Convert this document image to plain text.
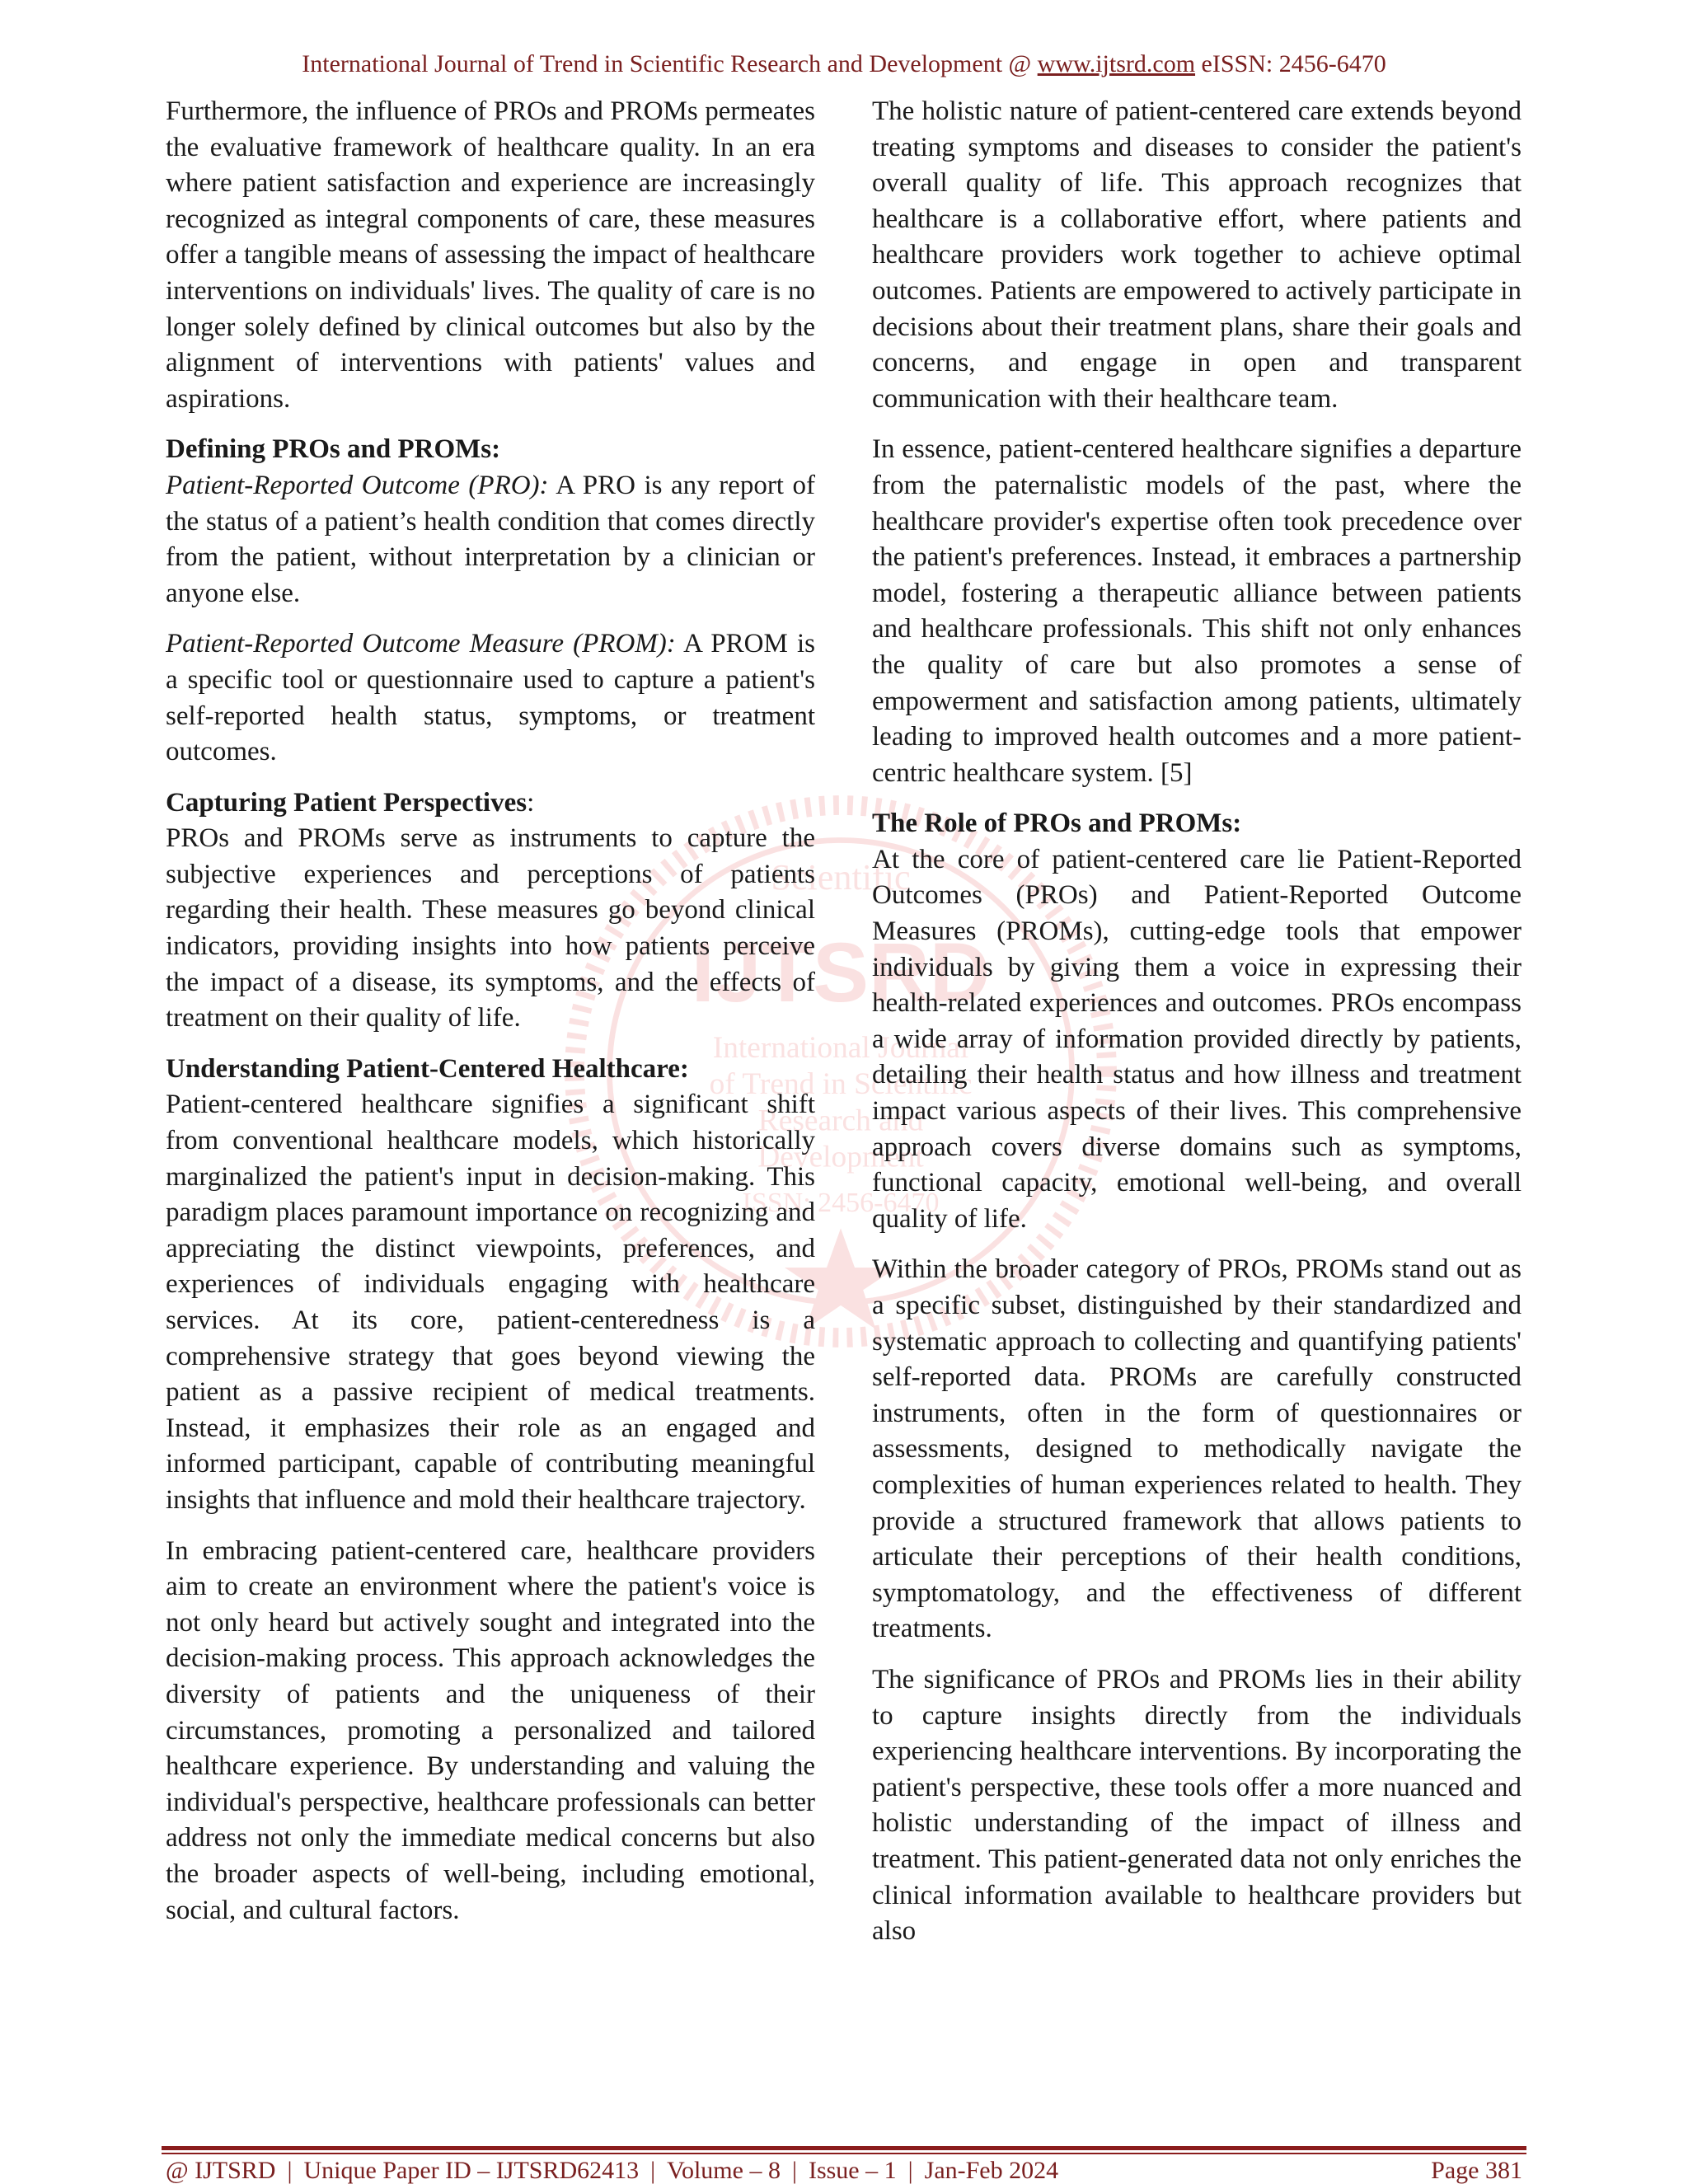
International Journal of Trend in Scientific Research and Development @ www.ijtsrd.com eISSN: 2456-6470
Scientific
IJTSRD
International Journal
of Trend in Scientific
Research and
Development
ISSN: 2456-6470

Furthermore, the influence of PROs and PROMs permeates the evaluative framework of healthcare quality. In an era where patient satisfaction and experience are increasingly recognized as integral components of care, these measures offer a tangible means of assessing the impact of healthcare interventions on individuals' lives. The quality of care is no longer solely defined by clinical outcomes but also by the alignment of interventions with patients' values and aspirations.

Defining PROs and PROMs:

Patient-Reported Outcome (PRO): A PRO is any report of the status of a patient’s health condition that comes directly from the patient, without interpretation by a clinician or anyone else.

Patient-Reported Outcome Measure (PROM): A PROM is a specific tool or questionnaire used to capture a patient's self-reported health status, symptoms, or treatment outcomes.

Capturing Patient Perspectives:

PROs and PROMs serve as instruments to capture the subjective experiences and perceptions of patients regarding their health. These measures go beyond clinical indicators, providing insights into how patients perceive the impact of a disease, its symptoms, and the effects of treatment on their quality of life.

Understanding Patient-Centered Healthcare:

Patient-centered healthcare signifies a significant shift from conventional healthcare models, which historically marginalized the patient's input in decision-making. This paradigm places paramount importance on recognizing and appreciating the distinct viewpoints, preferences, and experiences of individuals engaging with healthcare services. At its core, patient-centeredness is a comprehensive strategy that goes beyond viewing the patient as a passive recipient of medical treatments. Instead, it emphasizes their role as an engaged and informed participant, capable of contributing meaningful insights that influence and mold their healthcare trajectory.

In embracing patient-centered care, healthcare providers aim to create an environment where the patient's voice is not only heard but actively sought and integrated into the decision-making process. This approach acknowledges the diversity of patients and the uniqueness of their circumstances, promoting a personalized and tailored healthcare experience. By understanding and valuing the individual's perspective, healthcare professionals can better address not only the immediate medical concerns but also the broader aspects of well-being, including emotional, social, and cultural factors.

The holistic nature of patient-centered care extends beyond treating symptoms and diseases to consider the patient's overall quality of life. This approach recognizes that healthcare is a collaborative effort, where patients and healthcare providers work together to achieve optimal outcomes. Patients are empowered to actively participate in decisions about their treatment plans, share their goals and concerns, and engage in open and transparent communication with their healthcare team.

In essence, patient-centered healthcare signifies a departure from the paternalistic models of the past, where the healthcare provider's expertise often took precedence over the patient's preferences. Instead, it embraces a partnership model, fostering a therapeutic alliance between patients and healthcare professionals. This shift not only enhances the quality of care but also promotes a sense of empowerment and satisfaction among patients, ultimately leading to improved health outcomes and a more patient-centric healthcare system. [5]

The Role of PROs and PROMs:

At the core of patient-centered care lie Patient-Reported Outcomes (PROs) and Patient-Reported Outcome Measures (PROMs), cutting-edge tools that empower individuals by giving them a voice in expressing their health-related experiences and outcomes. PROs encompass a wide array of information provided directly by patients, detailing their health status and how illness and treatment impact various aspects of their lives. This comprehensive approach covers diverse domains such as symptoms, functional capacity, emotional well-being, and overall quality of life.

Within the broader category of PROs, PROMs stand out as a specific subset, distinguished by their standardized and systematic approach to collecting and quantifying patients' self-reported data. PROMs are carefully constructed instruments, often in the form of questionnaires or assessments, designed to methodically navigate the complexities of human experiences related to health. They provide a structured framework that allows patients to articulate their perceptions of their health conditions, symptomatology, and the effectiveness of different treatments.

The significance of PROs and PROMs lies in their ability to capture insights directly from the individuals experiencing healthcare interventions. By incorporating the patient's perspective, these tools offer a more nuanced and holistic understanding of the impact of illness and treatment. This patient-generated data not only enriches the clinical information available to healthcare providers but also

@ IJTSRD | Unique Paper ID – IJTSRD62413 | Volume – 8 | Issue – 1 | Jan-Feb 2024	Page 381
